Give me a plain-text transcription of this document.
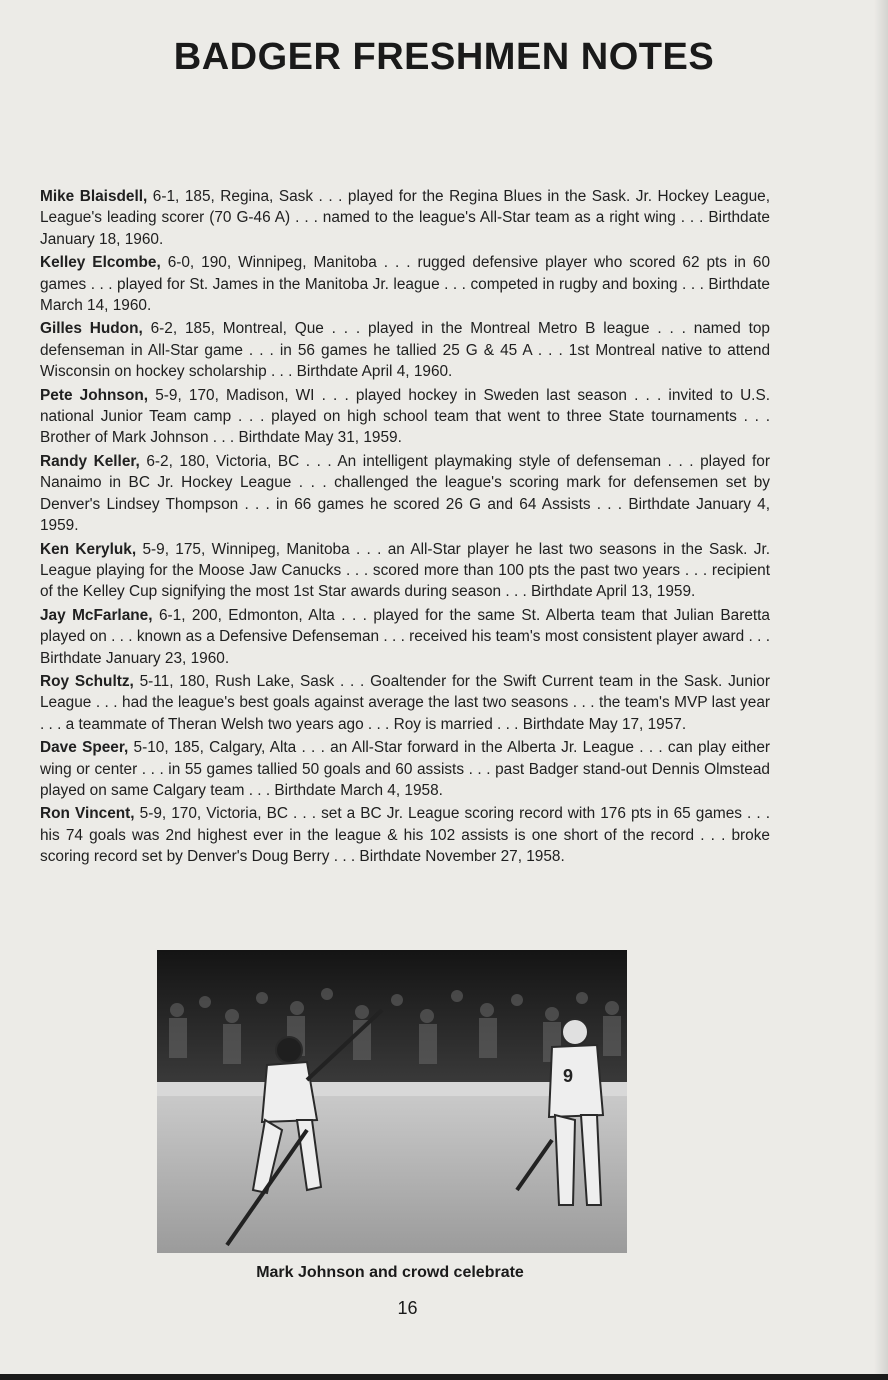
BADGER FRESHMEN NOTES

Mike Blaisdell, 6-1, 185, Regina, Sask . . . played for the Regina Blues in the Sask. Jr. Hockey League, League's leading scorer (70 G-46 A) . . . named to the league's All-Star team as a right wing . . . Birthdate January 18, 1960.

Kelley Elcombe, 6-0, 190, Winnipeg, Manitoba . . . rugged defensive player who scored 62 pts in 60 games . . . played for St. James in the Manitoba Jr. league . . . competed in rugby and boxing . . . Birthdate March 14, 1960.

Gilles Hudon, 6-2, 185, Montreal, Que . . . played in the Montreal Metro B league . . . named top defenseman in All-Star game . . . in 56 games he tallied 25 G & 45 A . . . 1st Montreal native to attend Wisconsin on hockey scholarship . . . Birthdate April 4, 1960.

Pete Johnson, 5-9, 170, Madison, WI . . . played hockey in Sweden last season . . . invited to U.S. national Junior Team camp . . . played on high school team that went to three State tournaments . . . Brother of Mark Johnson . . . Birthdate May 31, 1959.

Randy Keller, 6-2, 180, Victoria, BC . . . An intelligent playmaking style of defenseman . . . played for Nanaimo in BC Jr. Hockey League . . . challenged the league's scoring mark for defensemen set by Denver's Lindsey Thompson . . . in 66 games he scored 26 G and 64 Assists . . . Birthdate January 4, 1959.

Ken Keryluk, 5-9, 175, Winnipeg, Manitoba . . . an All-Star player he last two seasons in the Sask. Jr. League playing for the Moose Jaw Canucks . . . scored more than 100 pts the past two years . . . recipient of the Kelley Cup signifying the most 1st Star awards during season . . . Birthdate April 13, 1959.

Jay McFarlane, 6-1, 200, Edmonton, Alta . . . played for the same St. Alberta team that Julian Baretta played on . . . known as a Defensive Defenseman . . . received his team's most consistent player award . . . Birthdate January 23, 1960.

Roy Schultz, 5-11, 180, Rush Lake, Sask . . . Goaltender for the Swift Current team in the Sask. Junior League . . . had the league's best goals against average the last two seasons . . . the team's MVP last year . . . a teammate of Theran Welsh two years ago . . . Roy is married . . . Birthdate May 17, 1957.

Dave Speer, 5-10, 185, Calgary, Alta . . . an All-Star forward in the Alberta Jr. League . . . can play either wing or center . . . in 55 games tallied 50 goals and 60 assists . . . past Badger stand-out Dennis Olmstead played on same Calgary team . . . Birthdate March 4, 1958.

Ron Vincent, 5-9, 170, Victoria, BC . . . set a BC Jr. League scoring record with 176 pts in 65 games . . . his 74 goals was 2nd highest ever in the league & his 102 assists is one short of the record . . . broke scoring record set by Denver's Doug Berry . . . Birthdate November 27, 1958.

9
Mark Johnson and crowd celebrate
16
